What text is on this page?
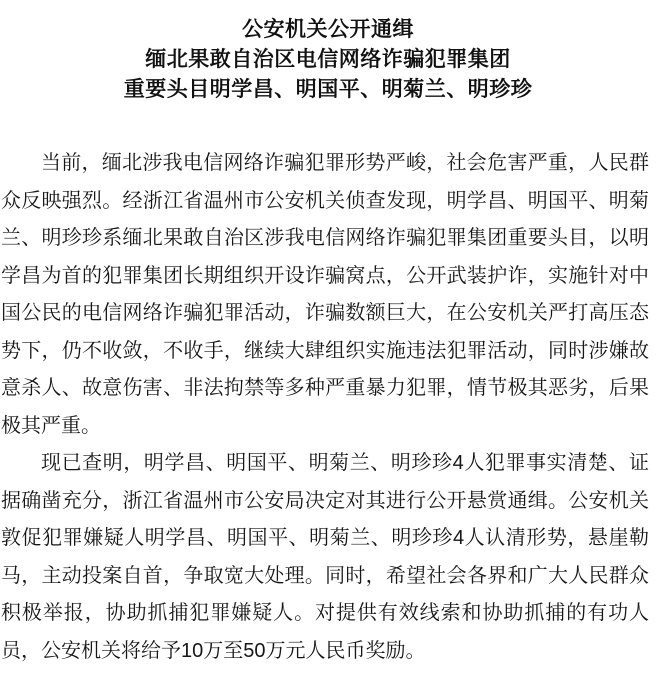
公安机关公开通缉
缅北果敢自治区电信网络诈骗犯罪集团
重要头目明学昌、明国平、明菊兰、明珍珍

当前，缅北涉我电信网络诈骗犯罪形势严峻，社会危害严重，人民群众反映强烈。经浙江省温州市公安机关侦查发现，明学昌、明国平、明菊兰、明珍珍系缅北果敢自治区涉我电信网络诈骗犯罪集团重要头目，以明学昌为首的犯罪集团长期组织开设诈骗窝点，公开武装护诈，实施针对中国公民的电信网络诈骗犯罪活动，诈骗数额巨大，在公安机关严打高压态势下，仍不收敛，不收手，继续大肆组织实施违法犯罪活动，同时涉嫌故意杀人、故意伤害、非法拘禁等多种严重暴力犯罪，情节极其恶劣，后果极其严重。

现已查明，明学昌、明国平、明菊兰、明珍珍4人犯罪事实清楚、证据确凿充分，浙江省温州市公安局决定对其进行公开悬赏通缉。公安机关敦促犯罪嫌疑人明学昌、明国平、明菊兰、明珍珍4人认清形势，悬崖勒马，主动投案自首，争取宽大处理。同时，希望社会各界和广大人民群众积极举报，协助抓捕犯罪嫌疑人。对提供有效线索和协助抓捕的有功人员，公安机关将给予10万至50万元人民币奖励。
